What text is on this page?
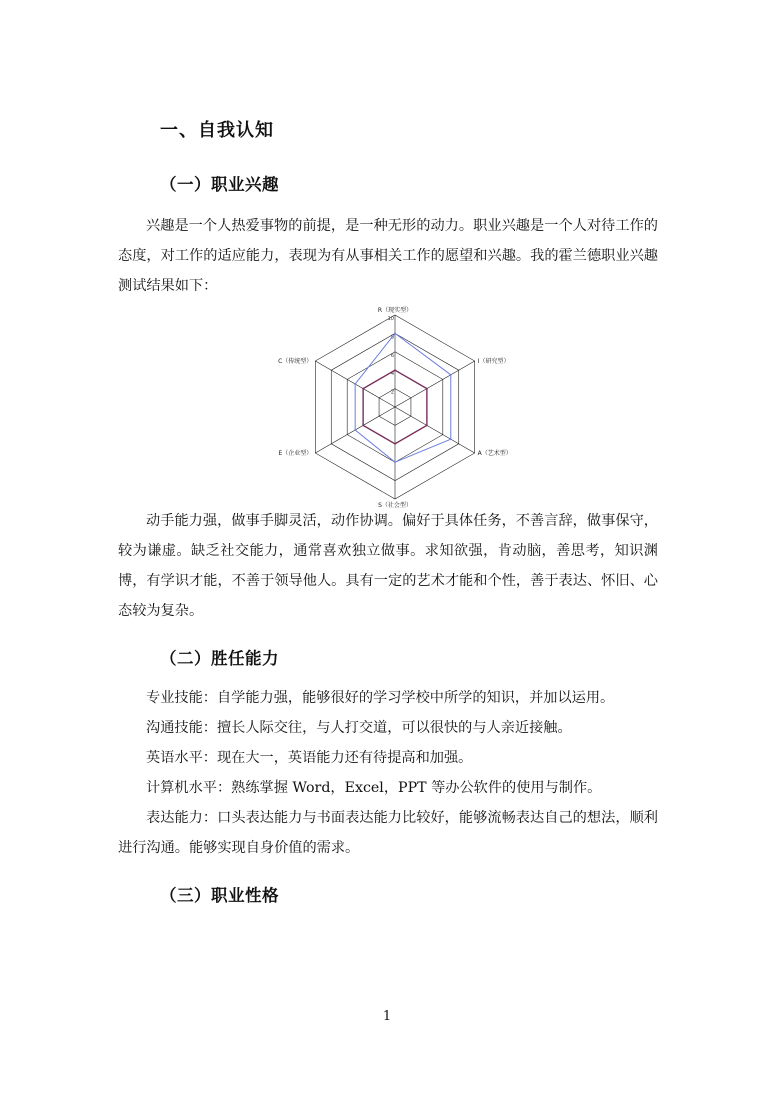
一、自我认知
（一）职业兴趣
兴趣是一个人热爱事物的前提，是一种无形的动力。职业兴趣是一个人对待工作的态度，对工作的适应能力，表现为有从事相关工作的愿望和兴趣。我的霍兰德职业兴趣测试结果如下：
2
4
6
8
10
R（现实型）
I（研究型）
A（艺术型）
S（社会型）
E（企业型）
C（传统型）
动手能力强，做事手脚灵活，动作协调。偏好于具体任务，不善言辞，做事保守，较为谦虚。缺乏社交能力，通常喜欢独立做事。求知欲强，肯动脑，善思考，知识渊博，有学识才能，不善于领导他人。具有一定的艺术才能和个性，善于表达、怀旧、心态较为复杂。
（二）胜任能力
专业技能：自学能力强，能够很好的学习学校中所学的知识，并加以运用。
沟通技能：擅长人际交往，与人打交道，可以很快的与人亲近接触。
英语水平：现在大一，英语能力还有待提高和加强。
计算机水平：熟练掌握 Word，Excel，PPT 等办公软件的使用与制作。
表达能力：口头表达能力与书面表达能力比较好，能够流畅表达自己的想法，顺利进行沟通。能够实现自身价值的需求。
（三）职业性格
1
